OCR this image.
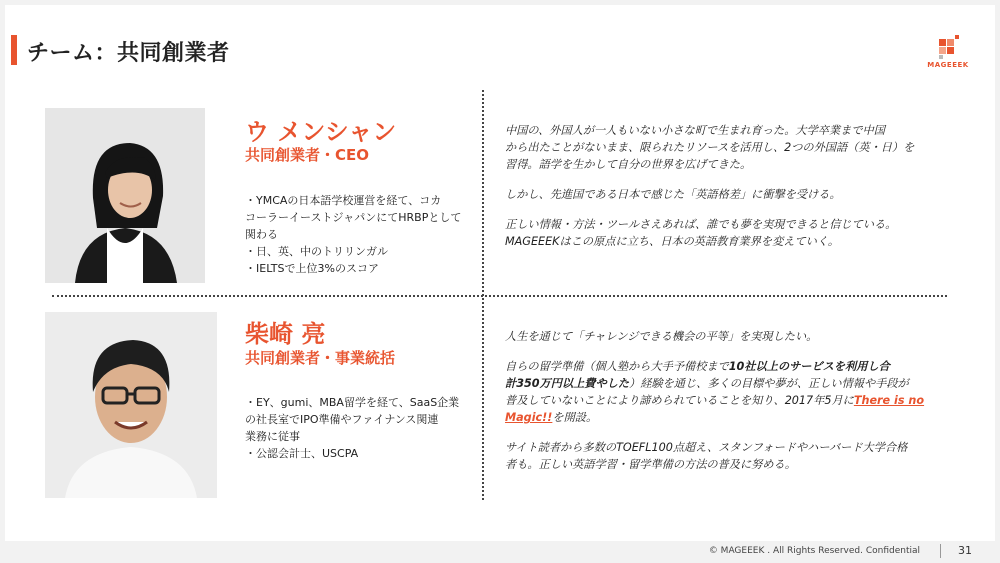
チーム：共同創業者	MAGEEEK
ウ メンシャン
共同創業者・CEO
・YMCAの日本語学校運営を経て、コカ
コーラーイーストジャパンにてHRBPとして
関わる
・日、英、中のトリリンガル
・IELTSで上位3%のスコア

中国の、外国人が一人もいない小さな町で生まれ育った。大学卒業まで中国
から出たことがないまま、限られたリソースを活用し、2つの外国語（英・日）を
習得。語学を生かして自分の世界を広げてきた。

しかし、先進国である日本で感じた「英語格差」に衝撃を受ける。

正しい情報・方法・ツールさえあれば、誰でも夢を実現できると信じている。
MAGEEEKはこの原点に立ち、日本の英語教育業界を変えていく。

柴崎 亮
共同創業者・事業統括
・EY、gumi、MBA留学を経て、SaaS企業
の社長室でIPO準備やファイナンス関連
業務に従事
・公認会計士、USCPA

人生を通じて「チャレンジできる機会の平等」を実現したい。

自らの留学準備（個人塾から大手予備校まで10社以上のサービスを利用し合
計350万円以上費やした）経験を通じ、多くの目標や夢が、正しい情報や手段が
普及していないことにより諦められていることを知り、2017年5月にThere is no
Magic!!を開設。

サイト読者から多数のTOEFL100点超え、スタンフォードやハーバード大学合格
者も。正しい英語学習・留学準備の方法の普及に努める。

© MAGEEEK . All Rights Reserved. Confidential	31
